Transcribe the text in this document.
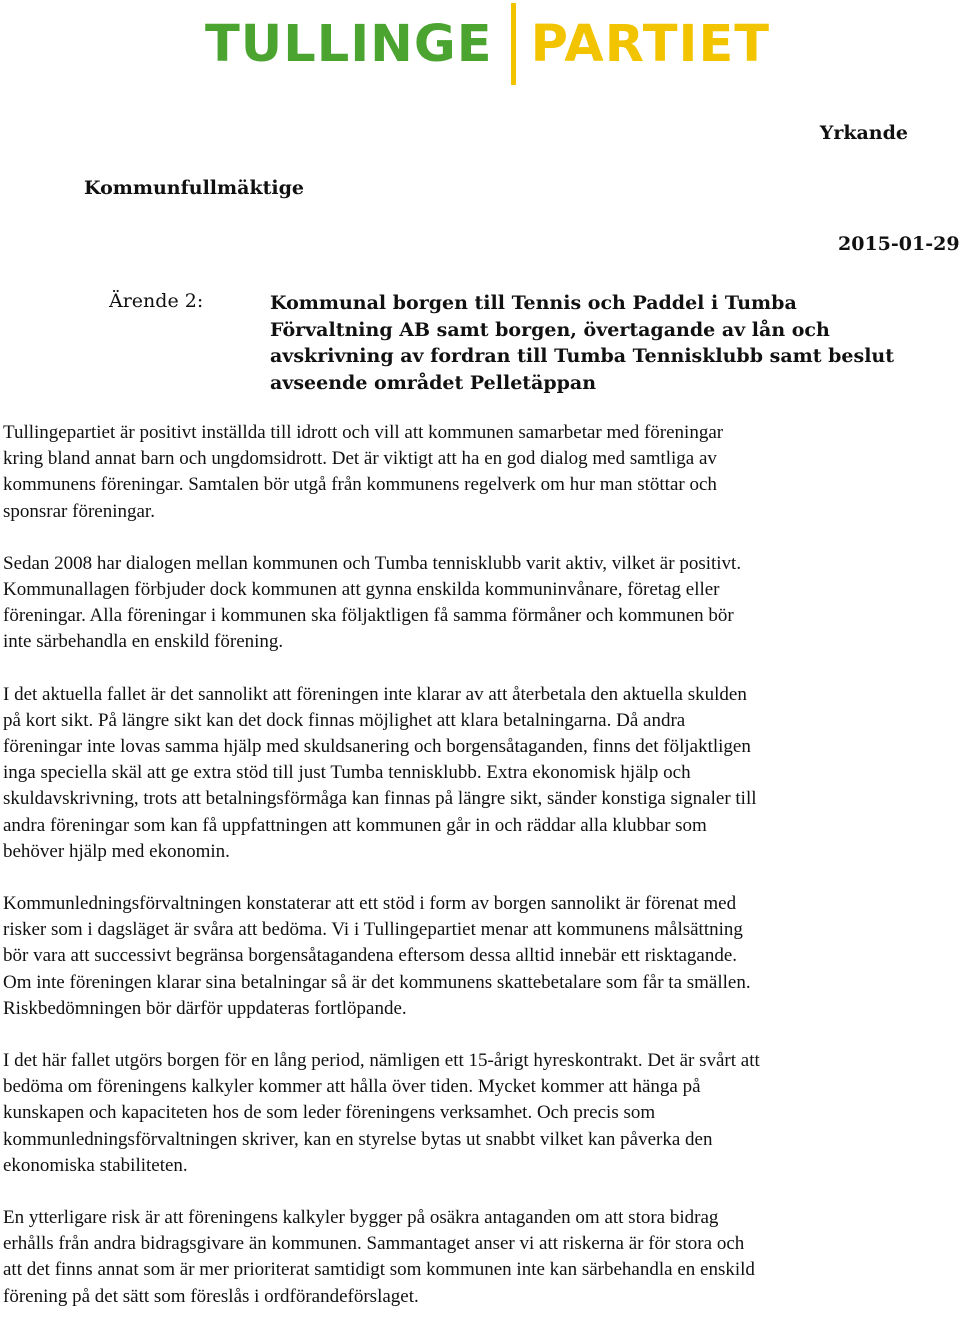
TULLINGE PARTIET
Yrkande
Kommunfullmäktige
2015-01-29
Ärende 2:	Kommunal borgen till Tennis och Paddel i Tumba
Förvaltning AB samt borgen, övertagande av lån och
avskrivning av fordran till Tumba Tennisklubb samt beslut
avseende området Pelletäppan
Tullingepartiet är positivt inställda till idrott och vill att kommunen samarbetar med föreningar
kring bland annat barn och ungdomsidrott. Det är viktigt att ha en god dialog med samtliga av
kommunens föreningar. Samtalen bör utgå från kommunens regelverk om hur man stöttar och
sponsrar föreningar.
Sedan 2008 har dialogen mellan kommunen och Tumba tennisklubb varit aktiv, vilket är positivt.
Kommunallagen förbjuder dock kommunen att gynna enskilda kommuninvånare, företag eller
föreningar. Alla föreningar i kommunen ska följaktligen få samma förmåner och kommunen bör
inte särbehandla en enskild förening.
I det aktuella fallet är det sannolikt att föreningen inte klarar av att återbetala den aktuella skulden
på kort sikt. På längre sikt kan det dock finnas möjlighet att klara betalningarna. Då andra
föreningar inte lovas samma hjälp med skuldsanering och borgensåtaganden, finns det följaktligen
inga speciella skäl att ge extra stöd till just Tumba tennisklubb. Extra ekonomisk hjälp och
skuldavskrivning, trots att betalningsförmåga kan finnas på längre sikt, sänder konstiga signaler till
andra föreningar som kan få uppfattningen att kommunen går in och räddar alla klubbar som
behöver hjälp med ekonomin.
Kommunledningsförvaltningen konstaterar att ett stöd i form av borgen sannolikt är förenat med
risker som i dagsläget är svåra att bedöma. Vi i Tullingepartiet menar att kommunens målsättning
bör vara att successivt begränsa borgensåtagandena eftersom dessa alltid innebär ett risktagande.
Om inte föreningen klarar sina betalningar så är det kommunens skattebetalare som får ta smällen.
Riskbedömningen bör därför uppdateras fortlöpande.
I det här fallet utgörs borgen för en lång period, nämligen ett 15-årigt hyreskontrakt. Det är svårt att
bedöma om föreningens kalkyler kommer att hålla över tiden. Mycket kommer att hänga på
kunskapen och kapaciteten hos de som leder föreningens verksamhet. Och precis som
kommunledningsförvaltningen skriver, kan en styrelse bytas ut snabbt vilket kan påverka den
ekonomiska stabiliteten.
En ytterligare risk är att föreningens kalkyler bygger på osäkra antaganden om att stora bidrag
erhålls från andra bidragsgivare än kommunen. Sammantaget anser vi att riskerna är för stora och
att det finns annat som är mer prioriterat samtidigt som kommunen inte kan särbehandla en enskild
förening på det sätt som föreslås i ordförandeförslaget.
